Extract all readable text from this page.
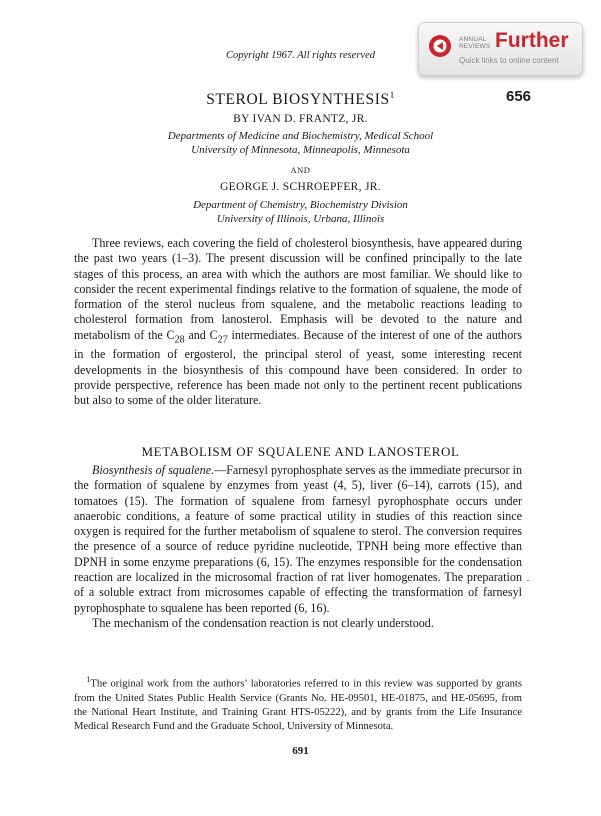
Copyright 1967. All rights reserved
ANNUAL
REVIEWS Further
Quick links to online content
656
STEROL BIOSYNTHESIS$^1$
BY IVAN D. FRANTZ, JR.
Departments of Medicine and Biochemistry, Medical School
University of Minnesota, Minneapolis, Minnesota
AND
GEORGE J. SCHROEPFER, JR.
Department of Chemistry, Biochemistry Division
University of Illinois, Urbana, Illinois

Three reviews, each covering the field of cholesterol biosynthesis, have appeared during the past two years (1–3). The present discussion will be confined principally to the late stages of this process, an area with which the authors are most familiar. We should like to consider the recent experimental findings relative to the formation of squalene, the mode of formation of the sterol nucleus from squalene, and the metabolic reactions leading to cholesterol formation from lanosterol. Emphasis will be devoted to the nature and metabolism of the $C_{28}$ and $C_{27}$ intermediates. Because of the interest of one of the authors in the formation of ergosterol, the principal sterol of yeast, some interesting recent developments in the biosynthesis of this compound have been considered. In order to provide perspective, reference has been made not only to the pertinent recent publications but also to some of the older literature.

METABOLISM OF SQUALENE AND LANOSTEROL

Biosynthesis of squalene.—Farnesyl pyrophosphate serves as the immediate precursor in the formation of squalene by enzymes from yeast (4, 5), liver (6–14), carrots (15), and tomatoes (15). The formation of squalene from farnesyl pyrophosphate occurs under anaerobic conditions, a feature of some practical utility in studies of this reaction since oxygen is required for the further metabolism of squalene to sterol. The conversion requires the presence of a source of reduce pyridine nucleotide, TPNH being more effective than DPNH in some enzyme preparations (6, 15). The enzymes responsible for the condensation reaction are localized in the microsomal fraction of rat liver homogenates. The preparation of a soluble extract from microsomes capable of effecting the transformation of farnesyl pyrophosphate to squalene has been reported (6, 16).

The mechanism of the condensation reaction is not clearly understood.

$^1$The original work from the authors’ laboratories referred to in this review was supported by grants from the United States Public Health Service (Grants No. HE-09501, HE-01875, and HE-05695, from the National Heart Institute, and Training Grant HTS-05222), and by grants from the Life Insurance Medical Research Fund and the Graduate School, University of Minnesota.

691
